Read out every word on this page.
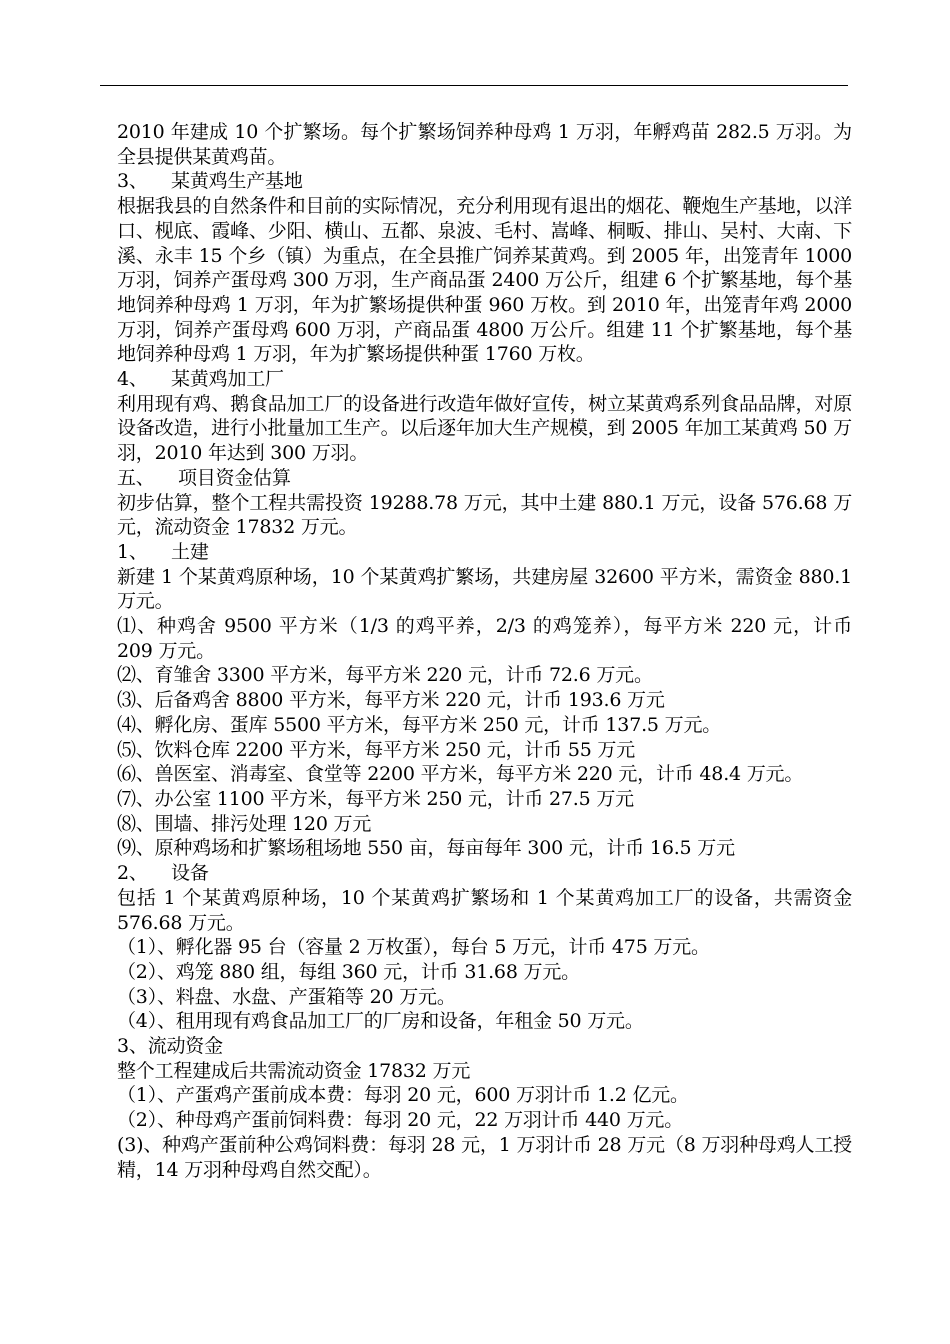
2010 年建成 10 个扩繁场。每个扩繁场饲养种母鸡 1 万羽，年孵鸡苗 282.5 万羽。为全县提供某黄鸡苗。

3、    某黄鸡生产基地

根据我县的自然条件和目前的实际情况，充分利用现有退出的烟花、鞭炮生产基地，以洋口、枧底、霞峰、少阳、横山、五都、泉波、毛村、嵩峰、桐畈、排山、吴村、大南、下溪、永丰 15 个乡（镇）为重点，在全县推广饲养某黄鸡。到 2005 年，出笼青年 1000 万羽，饲养产蛋母鸡 300 万羽，生产商品蛋 2400 万公斤，组建 6 个扩繁基地，每个基地饲养种母鸡 1 万羽，年为扩繁场提供种蛋 960 万枚。到 2010 年，出笼青年鸡 2000 万羽，饲养产蛋母鸡 600 万羽，产商品蛋 4800 万公斤。组建 11 个扩繁基地，每个基地饲养种母鸡 1 万羽，年为扩繁场提供种蛋 1760 万枚。

4、    某黄鸡加工厂

利用现有鸡、鹅食品加工厂的设备进行改造年做好宣传，树立某黄鸡系列食品品牌，对原设备改造，进行小批量加工生产。以后逐年加大生产规模，到 2005 年加工某黄鸡 50 万羽，2010 年达到 300 万羽。

五、    项目资金估算

初步估算，整个工程共需投资 19288.78 万元，其中土建 880.1 万元，设备 576.68 万元，流动资金 17832 万元。

1、    土建

新建 1 个某黄鸡原种场，10 个某黄鸡扩繁场，共建房屋 32600 平方米，需资金 880.1 万元。

⑴、种鸡舍 9500 平方米（1/3 的鸡平养，2/3 的鸡笼养），每平方米 220 元，计币 209 万元。

⑵、育雏舍 3300 平方米，每平方米 220 元，计币 72.6 万元。

⑶、后备鸡舍 8800 平方米，每平方米 220 元，计币 193.6 万元

⑷、孵化房、蛋库 5500 平方米，每平方米 250 元，计币 137.5 万元。

⑸、饮料仓库 2200 平方米，每平方米 250 元，计币 55 万元

⑹、兽医室、消毒室、食堂等 2200 平方米，每平方米 220 元，计币 48.4 万元。

⑺、办公室 1100 平方米，每平方米 250 元，计币 27.5 万元

⑻、围墙、排污处理 120 万元

⑼、原种鸡场和扩繁场租场地 550 亩，每亩每年 300 元，计币 16.5 万元

2、    设备

包括 1 个某黄鸡原种场，10 个某黄鸡扩繁场和 1 个某黄鸡加工厂的设备，共需资金 576.68 万元。

（1）、孵化器 95 台（容量 2 万枚蛋），每台 5 万元，计币 475 万元。

（2）、鸡笼 880 组，每组 360 元，计币 31.68 万元。

（3）、料盘、水盘、产蛋箱等 20 万元。

（4）、租用现有鸡食品加工厂的厂房和设备，年租金 50 万元。

3、流动资金

整个工程建成后共需流动资金 17832 万元

（1）、产蛋鸡产蛋前成本费：每羽 20 元，600 万羽计币 1.2 亿元。

（2）、种母鸡产蛋前饲料费：每羽 20 元，22 万羽计币 440 万元。

(3)、种鸡产蛋前种公鸡饲料费：每羽 28 元，1 万羽计币 28 万元（8 万羽种母鸡人工授精，14 万羽种母鸡自然交配）。
